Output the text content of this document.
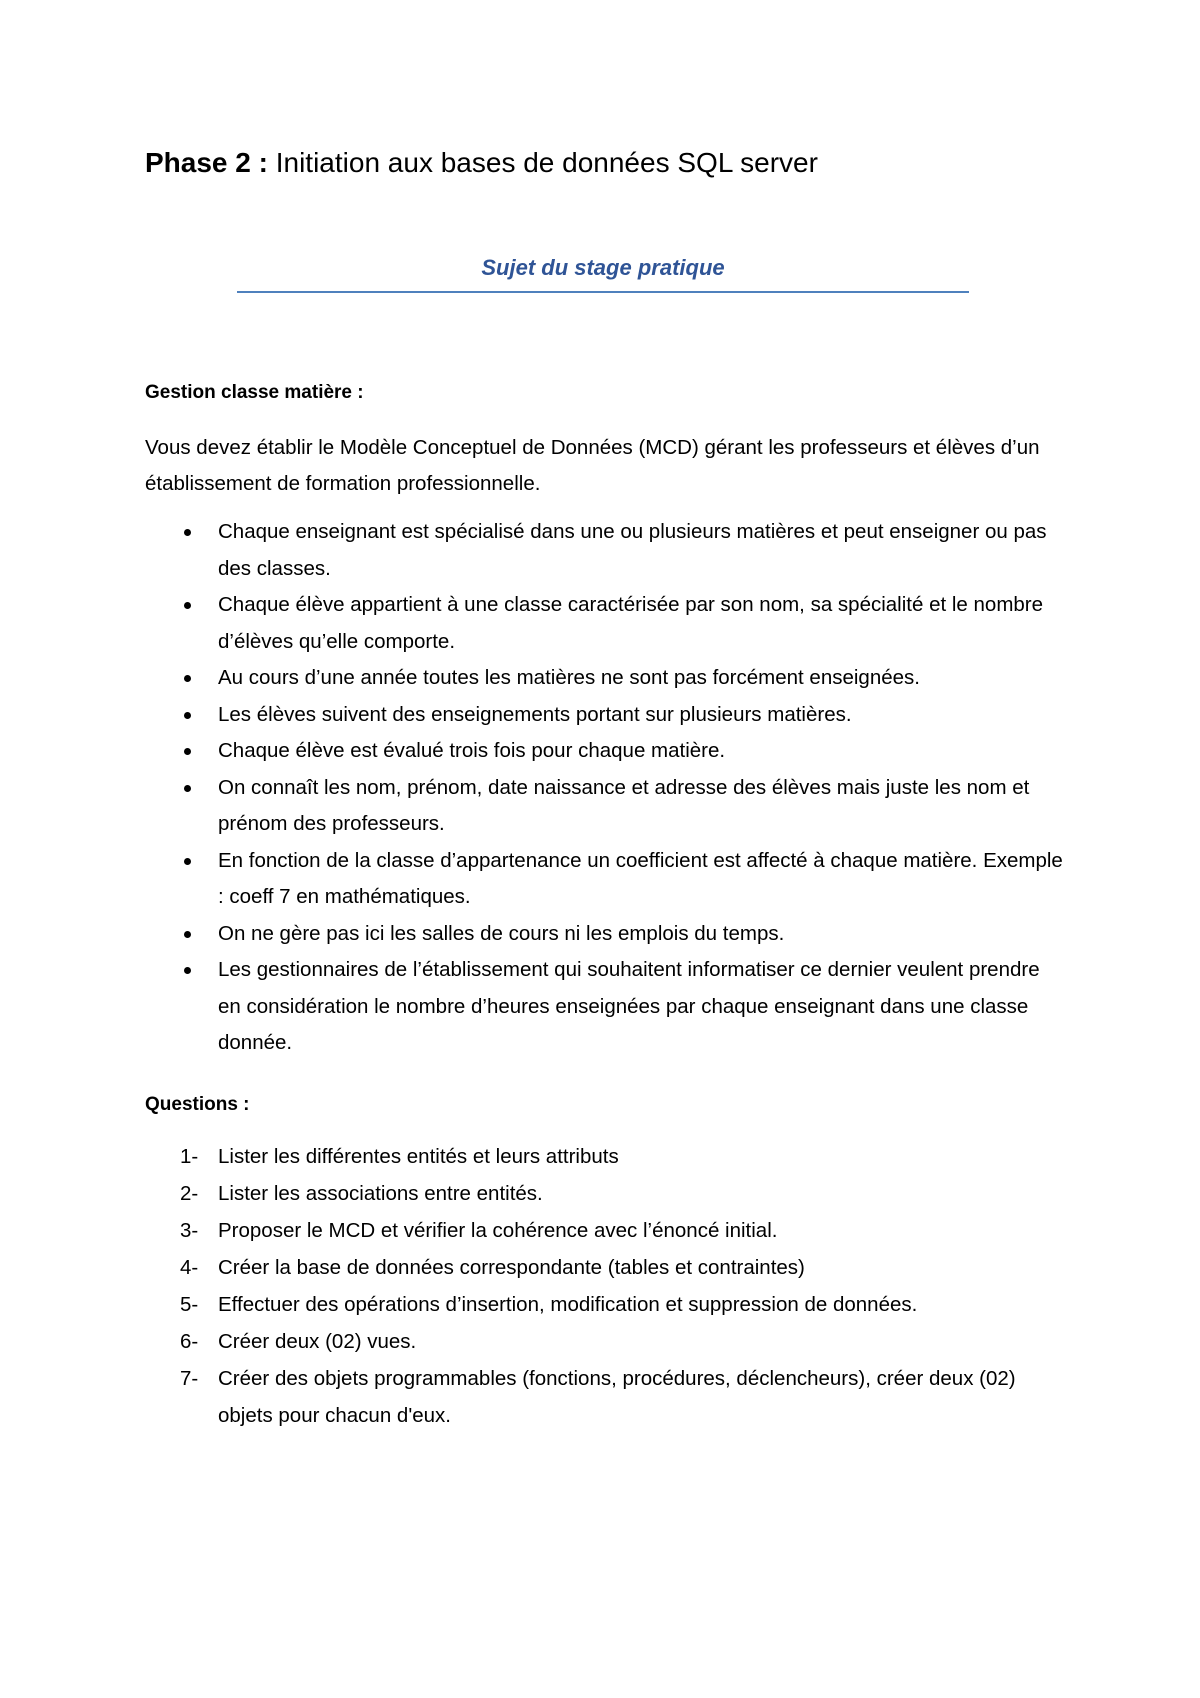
Phase 2 : Initiation aux bases de données SQL server
Sujet du stage pratique
Gestion classe matière :
Vous devez établir le Modèle Conceptuel de Données (MCD) gérant les professeurs et élèves d’un établissement de formation professionnelle.
Chaque enseignant est spécialisé dans une ou plusieurs matières et peut enseigner ou pas des classes.
Chaque élève appartient à une classe caractérisée par son nom, sa spécialité et le nombre d’élèves qu’elle comporte.
Au cours d’une année toutes les matières ne sont pas forcément enseignées.
Les élèves suivent des enseignements portant sur plusieurs matières.
Chaque élève est évalué trois fois pour chaque matière.
On connaît les nom, prénom, date naissance et adresse des élèves mais juste les nom et prénom des professeurs.
En fonction de la classe d’appartenance un coefficient est affecté à chaque matière. Exemple : coeff 7 en mathématiques.
On ne gère pas ici les salles de cours ni les emplois du temps.
Les gestionnaires de l’établissement qui souhaitent informatiser ce dernier veulent prendre en considération le nombre d’heures enseignées par chaque enseignant dans une classe donnée.
Questions :
1- Lister les différentes entités et leurs attributs
2- Lister les associations entre entités.
3- Proposer le MCD et vérifier la cohérence avec l’énoncé initial.
4- Créer la base de données correspondante (tables et contraintes)
5- Effectuer des opérations d’insertion, modification et suppression de données.
6- Créer deux (02) vues.
7- Créer des objets programmables (fonctions, procédures, déclencheurs), créer deux (02) objets pour chacun d'eux.
